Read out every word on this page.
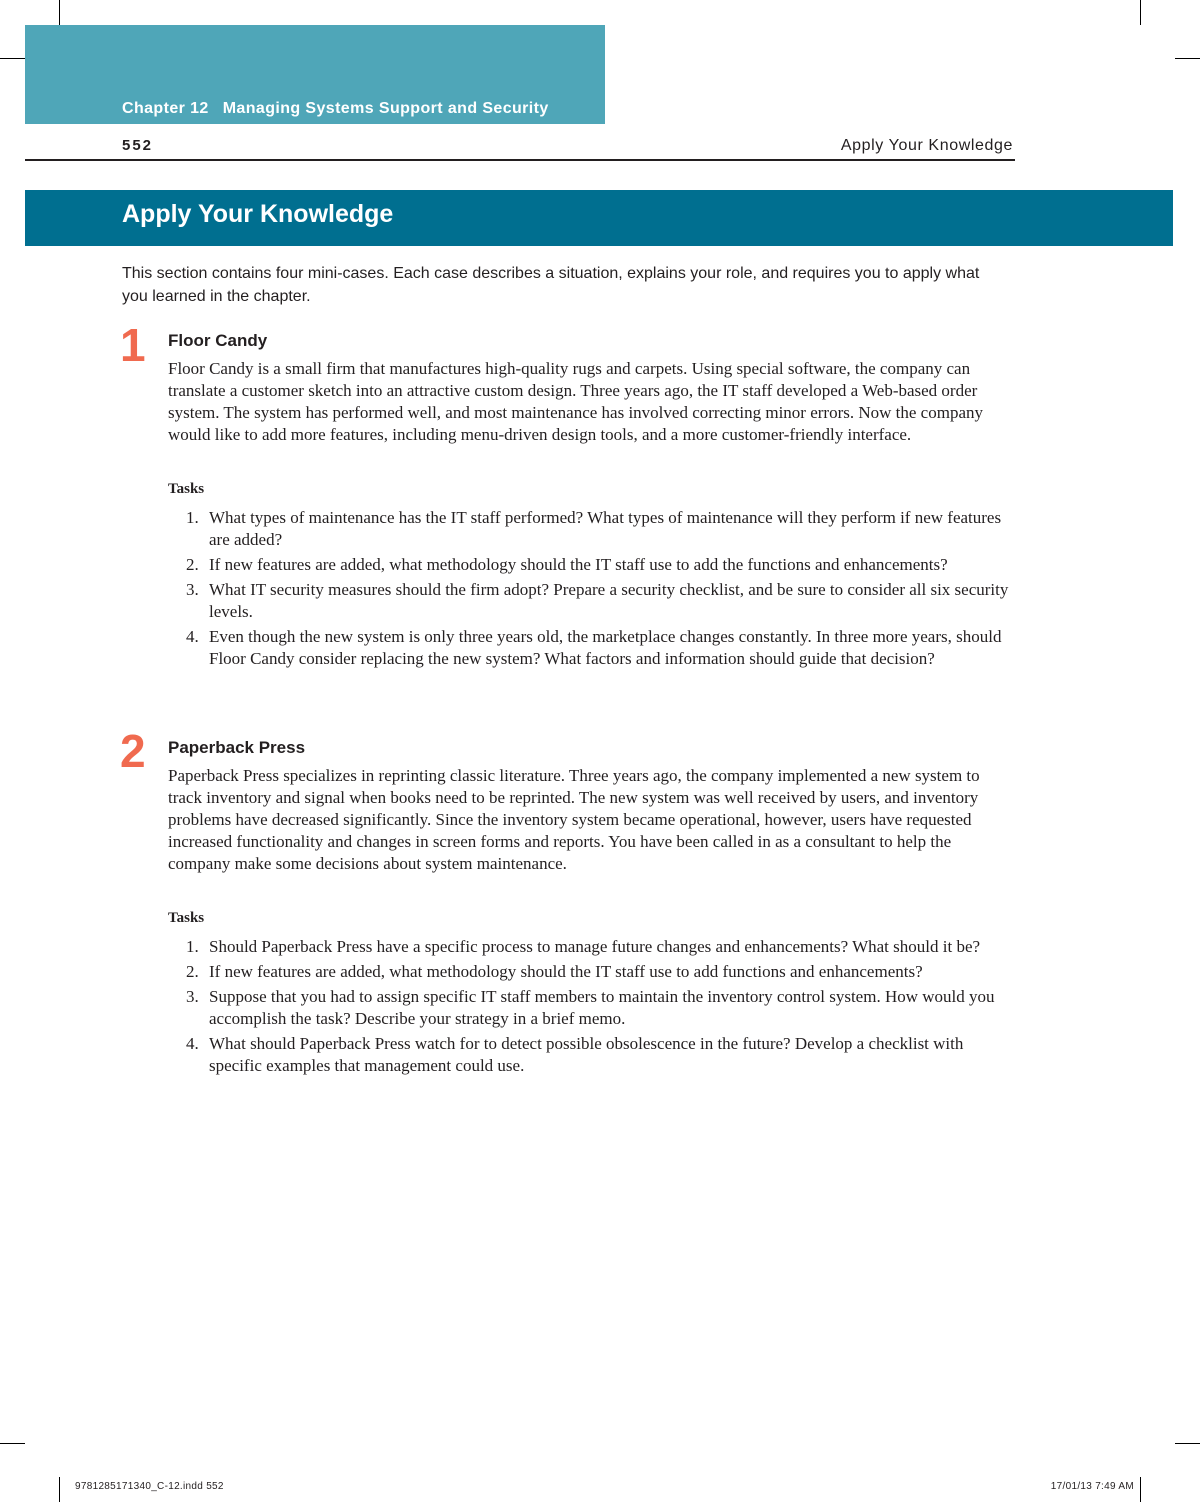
Chapter 12 Managing Systems Support and Security
552	Apply Your Knowledge
Apply Your Knowledge
This section contains four mini-cases. Each case describes a situation, explains your role, and requires you to apply what you learned in the chapter.
1	Floor Candy
Floor Candy is a small firm that manufactures high-quality rugs and carpets. Using special software, the company can translate a customer sketch into an attractive custom design. Three years ago, the IT staff developed a Web-based order system. The system has performed well, and most maintenance has involved correcting minor errors. Now the company would like to add more features, including menu-driven design tools, and a more customer-friendly interface.
Tasks
1. What types of maintenance has the IT staff performed? What types of maintenance will they perform if new features are added?
2. If new features are added, what methodology should the IT staff use to add the functions and enhancements?
3. What IT security measures should the firm adopt? Prepare a security checklist, and be sure to consider all six security levels.
4. Even though the new system is only three years old, the marketplace changes constantly. In three more years, should Floor Candy consider replacing the new system? What factors and information should guide that decision?
2	Paperback Press
Paperback Press specializes in reprinting classic literature. Three years ago, the company implemented a new system to track inventory and signal when books need to be reprinted. The new system was well received by users, and inventory problems have decreased significantly. Since the inventory system became operational, however, users have requested increased functionality and changes in screen forms and reports. You have been called in as a consultant to help the company make some decisions about system maintenance.
Tasks
1. Should Paperback Press have a specific process to manage future changes and enhancements? What should it be?
2. If new features are added, what methodology should the IT staff use to add functions and enhancements?
3. Suppose that you had to assign specific IT staff members to maintain the inventory control system. How would you accomplish the task? Describe your strategy in a brief memo.
4. What should Paperback Press watch for to detect possible obsolescence in the future? Develop a checklist with specific examples that management could use.
9781285171340_C-12.indd 552	17/01/13 7:49 AM
